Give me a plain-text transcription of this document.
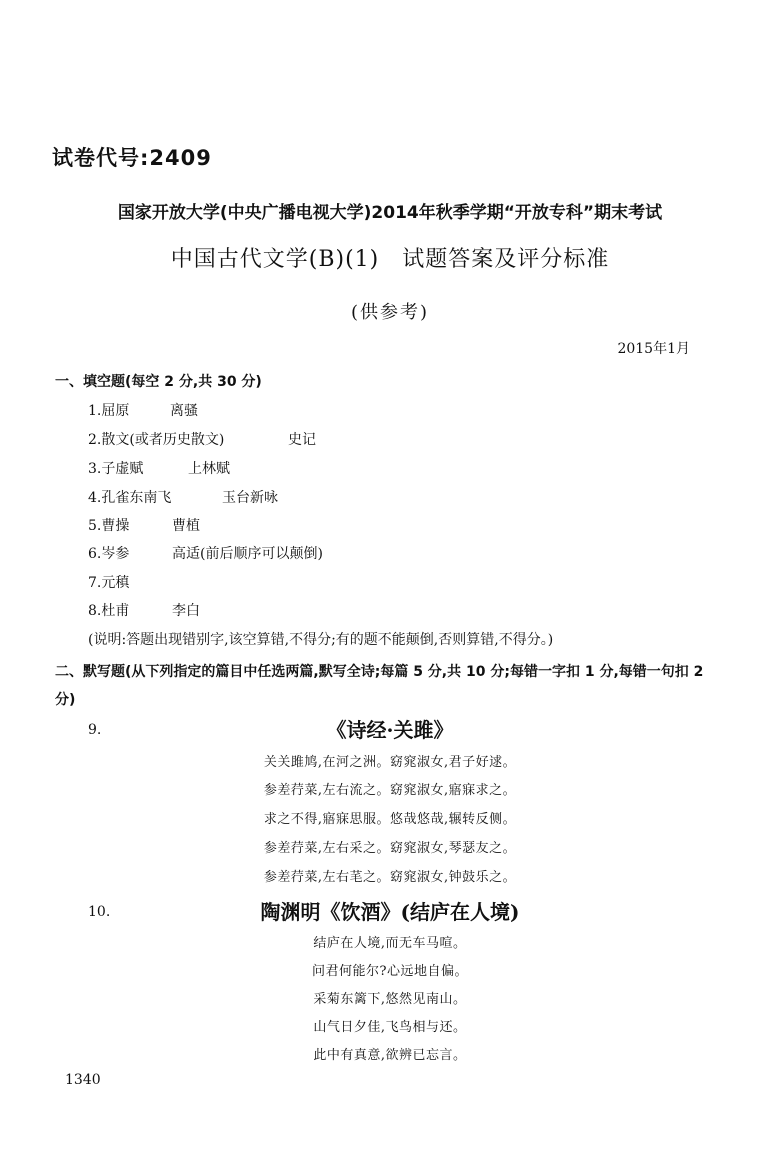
试卷代号:2409
国家开放大学(中央广播电视大学)2014年秋季学期“开放专科”期末考试
中国古代文学(B)(1)　试题答案及评分标准
(供参考)
2015年1月
一、填空题(每空 2 分,共 30 分)
1.屈原	离骚
2.散文(或者历史散文)	史记
3.子虚赋	上林赋
4.孔雀东南飞	玉台新咏
5.曹操	曹植
6.岑参	高适(前后顺序可以颠倒)
7.元稹
8.杜甫	李白
(说明:答题出现错别字,该空算错,不得分;有的题不能颠倒,否则算错,不得分。)
二、默写题(从下列指定的篇目中任选两篇,默写全诗;每篇 5 分,共 10 分;每错一字扣 1 分,每错一句扣 2 分)
9.	《诗经·关雎》
关关雎鸠,在河之洲。窈窕淑女,君子好逑。
参差荇菜,左右流之。窈窕淑女,寤寐求之。
求之不得,寤寐思服。悠哉悠哉,辗转反侧。
参差荇菜,左右采之。窈窕淑女,琴瑟友之。
参差荇菜,左右芼之。窈窕淑女,钟鼓乐之。
10.	陶渊明《饮酒》(结庐在人境)
结庐在人境,而无车马喧。
问君何能尔?心远地自偏。
采菊东篱下,悠然见南山。
山气日夕佳,飞鸟相与还。
此中有真意,欲辨已忘言。
1340
